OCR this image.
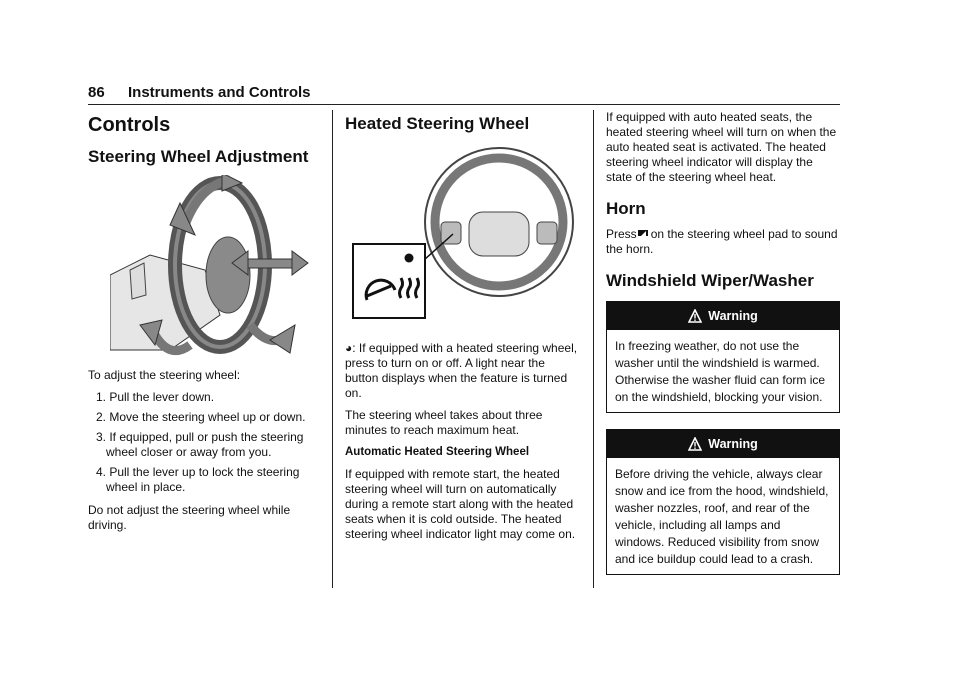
86 Instruments and Controls
Controls
Steering Wheel Adjustment

To adjust the steering wheel:

1. Pull the lever down.
2. Move the steering wheel up or down.
3. If equipped, pull or push the steering wheel closer or away from you.
4. Pull the lever up to lock the steering wheel in place.

Do not adjust the steering wheel while driving.

Heated Steering Wheel

◕: If equipped with a heated steering wheel, press to turn on or off. A light near the button displays when the feature is turned on.

The steering wheel takes about three minutes to reach maximum heat.

Automatic Heated Steering Wheel

If equipped with remote start, the heated steering wheel will turn on automatically during a remote start along with the heated seats when it is cold outside. The heated steering wheel indicator light may come on.

If equipped with auto heated seats, the heated steering wheel will turn on when the auto heated seat is activated. The heated steering wheel indicator will display the state of the steering wheel heat.

Horn

Press on the steering wheel pad to sound the horn.

Windshield Wiper/Washer
Warning

In freezing weather, do not use the washer until the windshield is warmed. Otherwise the washer fluid can form ice on the windshield, blocking your vision.

Warning

Before driving the vehicle, always clear snow and ice from the hood, windshield, washer nozzles, roof, and rear of the vehicle, including all lamps and windows. Reduced visibility from snow and ice buildup could lead to a crash.
